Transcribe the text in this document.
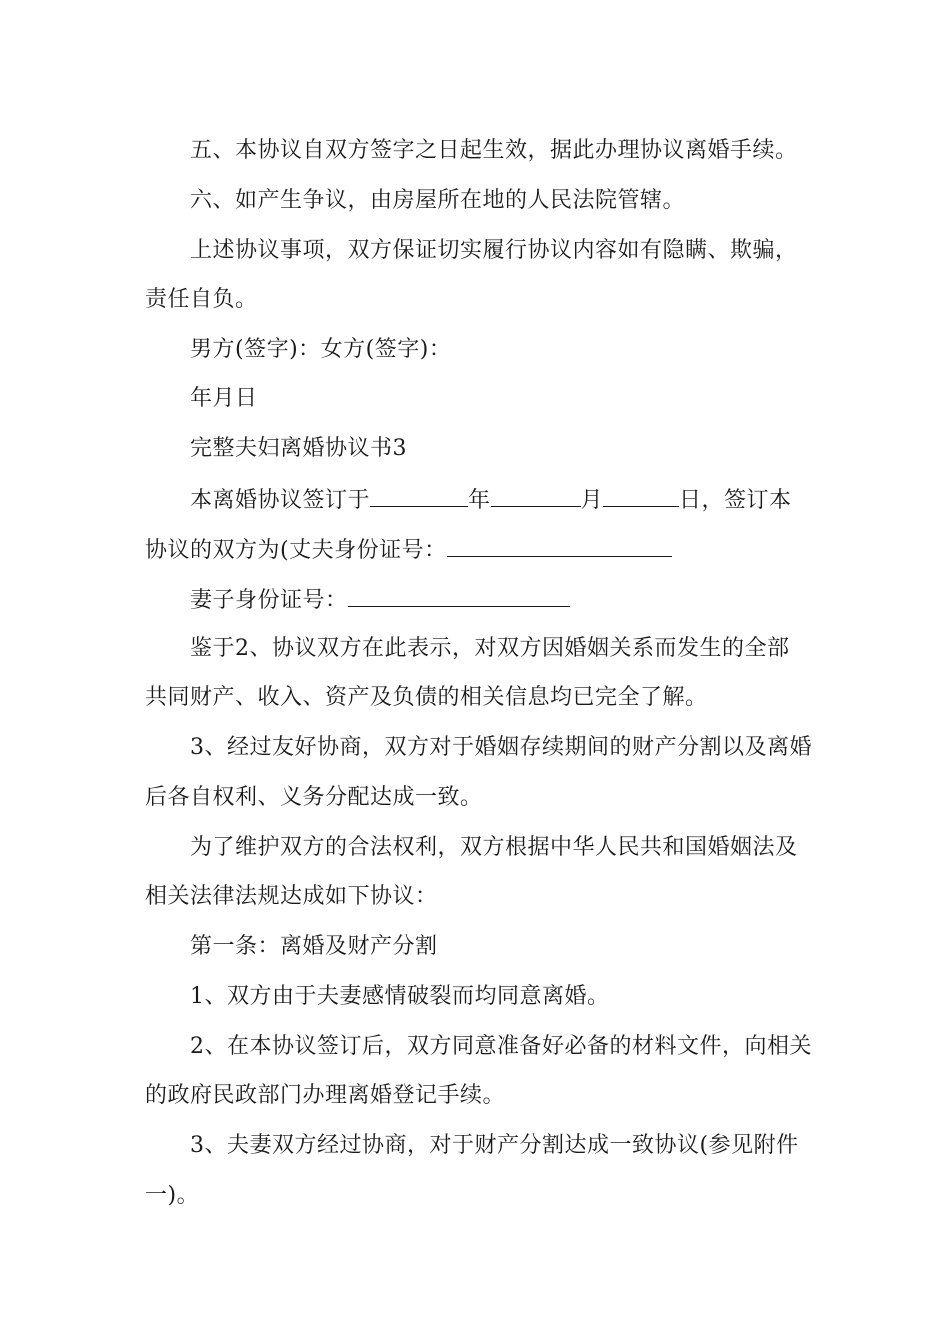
五、本协议自双方签字之日起生效，据此办理协议离婚手续。
六、如产生争议，由房屋所在地的人民法院管辖。
上述协议事项，双方保证切实履行协议内容如有隐瞒、欺骗，
责任自负。
男方(签字)：女方(签字)：
年月日
完整夫妇离婚协议书3
本离婚协议签订于	年	月	日，签订本
协议的双方为(丈夫身份证号：
妻子身份证号：
鉴于2、协议双方在此表示，对双方因婚姻关系而发生的全部
共同财产、收入、资产及负债的相关信息均已完全了解。
3、经过友好协商，双方对于婚姻存续期间的财产分割以及离婚
后各自权利、义务分配达成一致。
为了维护双方的合法权利，双方根据中华人民共和国婚姻法及
相关法律法规达成如下协议：
第一条：离婚及财产分割
1、双方由于夫妻感情破裂而均同意离婚。
2、在本协议签订后，双方同意准备好必备的材料文件，向相关
的政府民政部门办理离婚登记手续。
3、夫妻双方经过协商，对于财产分割达成一致协议(参见附件
一)。
